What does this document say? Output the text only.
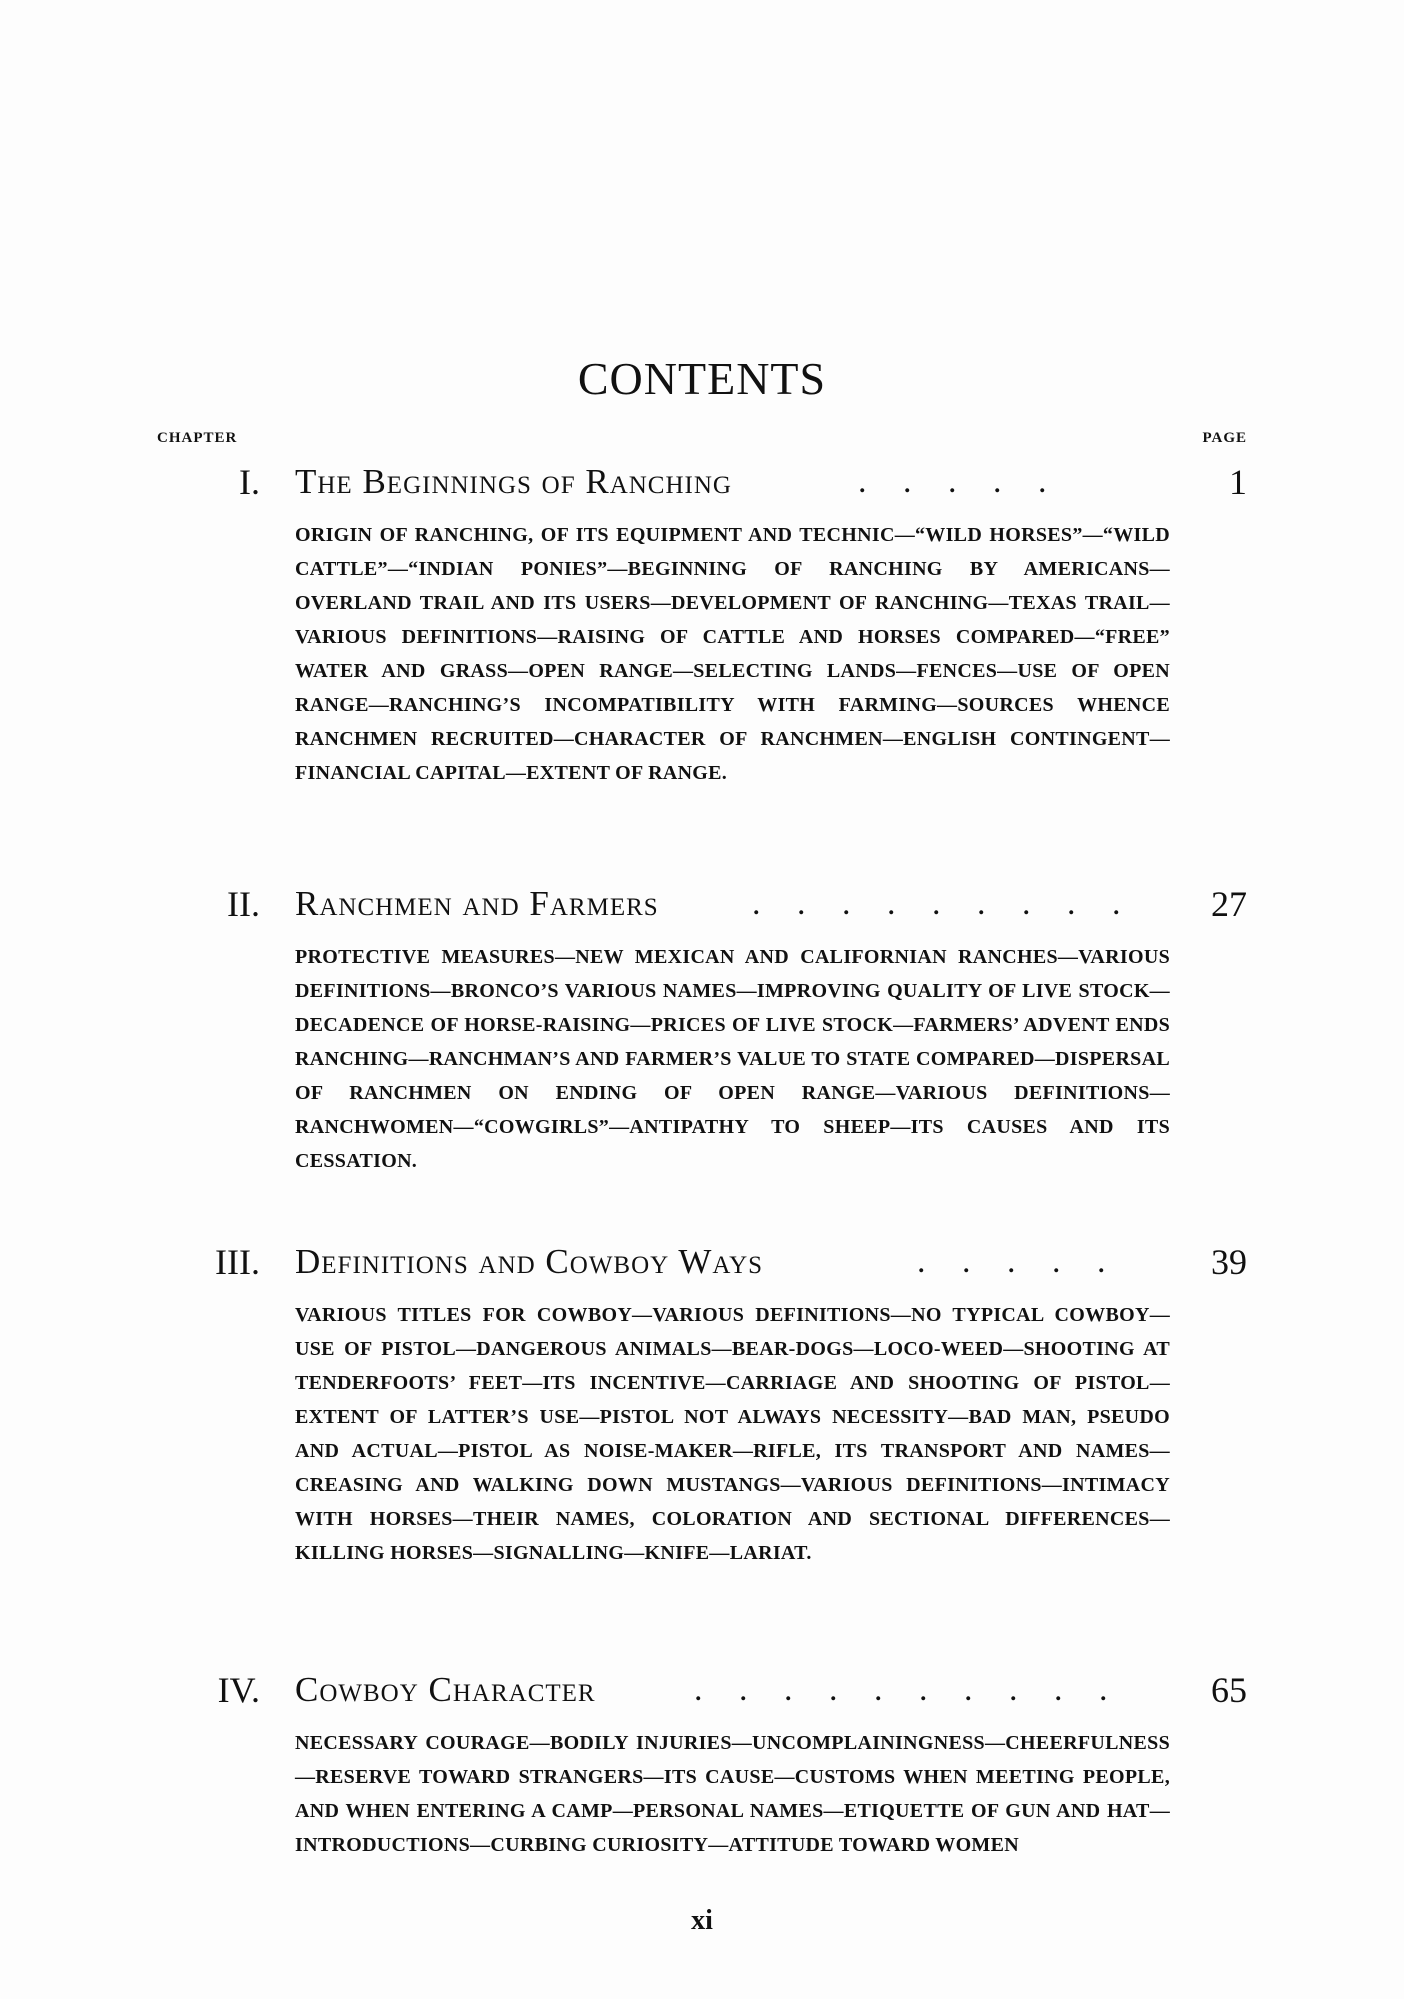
CONTENTS
CHAPTER	PAGE
I. The Beginnings of Ranching	. . . . .	1
ORIGIN OF RANCHING, OF ITS EQUIPMENT AND TECHNIC—“WILD HORSES”—“WILD CATTLE”—“INDIAN PONIES”—BEGINNING OF RANCHING BY AMERICANS—OVERLAND TRAIL AND ITS USERS—DEVELOPMENT OF RANCHING—TEXAS TRAIL—VARIOUS DEFINITIONS—RAISING OF CATTLE AND HORSES COMPARED—“FREE” WATER AND GRASS—OPEN RANGE—SELECTING LANDS—FENCES—USE OF OPEN RANGE—RANCHING’S INCOMPATIBILITY WITH FARMING—SOURCES WHENCE RANCHMEN RECRUITED—CHARACTER OF RANCHMEN—ENGLISH CONTINGENT—FINANCIAL CAPITAL—EXTENT OF RANGE.
II. Ranchmen and Farmers	. . . . . . . . . 27
PROTECTIVE MEASURES—NEW MEXICAN AND CALIFORNIAN RANCHES—VARIOUS DEFINITIONS—BRONCO’S VARIOUS NAMES—IMPROVING QUALITY OF LIVE STOCK—DECADENCE OF HORSE-RAISING—PRICES OF LIVE STOCK—FARMERS’ ADVENT ENDS RANCHING—RANCHMAN’S AND FARMER’S VALUE TO STATE COMPARED—DISPERSAL OF RANCHMEN ON ENDING OF OPEN RANGE—VARIOUS DEFINITIONS—RANCHWOMEN—“COWGIRLS”—ANTIPATHY TO SHEEP—ITS CAUSES AND ITS CESSATION.
III. Definitions and Cowboy Ways	. . . . .	39
VARIOUS TITLES FOR COWBOY—VARIOUS DEFINITIONS—NO TYPICAL COWBOY—USE OF PISTOL—DANGEROUS ANIMALS—BEAR-DOGS—LOCO-WEED—SHOOTING AT TENDERFOOTS’ FEET—ITS INCENTIVE—CARRIAGE AND SHOOTING OF PISTOL—EXTENT OF LATTER’S USE—PISTOL NOT ALWAYS NECESSITY—BAD MAN, PSEUDO AND ACTUAL—PISTOL AS NOISE-MAKER—RIFLE, ITS TRANSPORT AND NAMES—CREASING AND WALKING DOWN MUSTANGS—VARIOUS DEFINITIONS—INTIMACY WITH HORSES—THEIR NAMES, COLORATION AND SECTIONAL DIFFERENCES—KILLING HORSES—SIGNALLING—KNIFE—LARIAT.
IV. Cowboy Character	. . . . . . . . . . 65
NECESSARY COURAGE—BODILY INJURIES—UNCOMPLAININGNESS—CHEERFULNESS—RESERVE TOWARD STRANGERS—ITS CAUSE—CUSTOMS WHEN MEETING PEOPLE, AND WHEN ENTERING A CAMP—PERSONAL NAMES—ETIQUETTE OF GUN AND HAT—INTRODUCTIONS—CURBING CURIOSITY—ATTITUDE TOWARD WOMEN
xi
